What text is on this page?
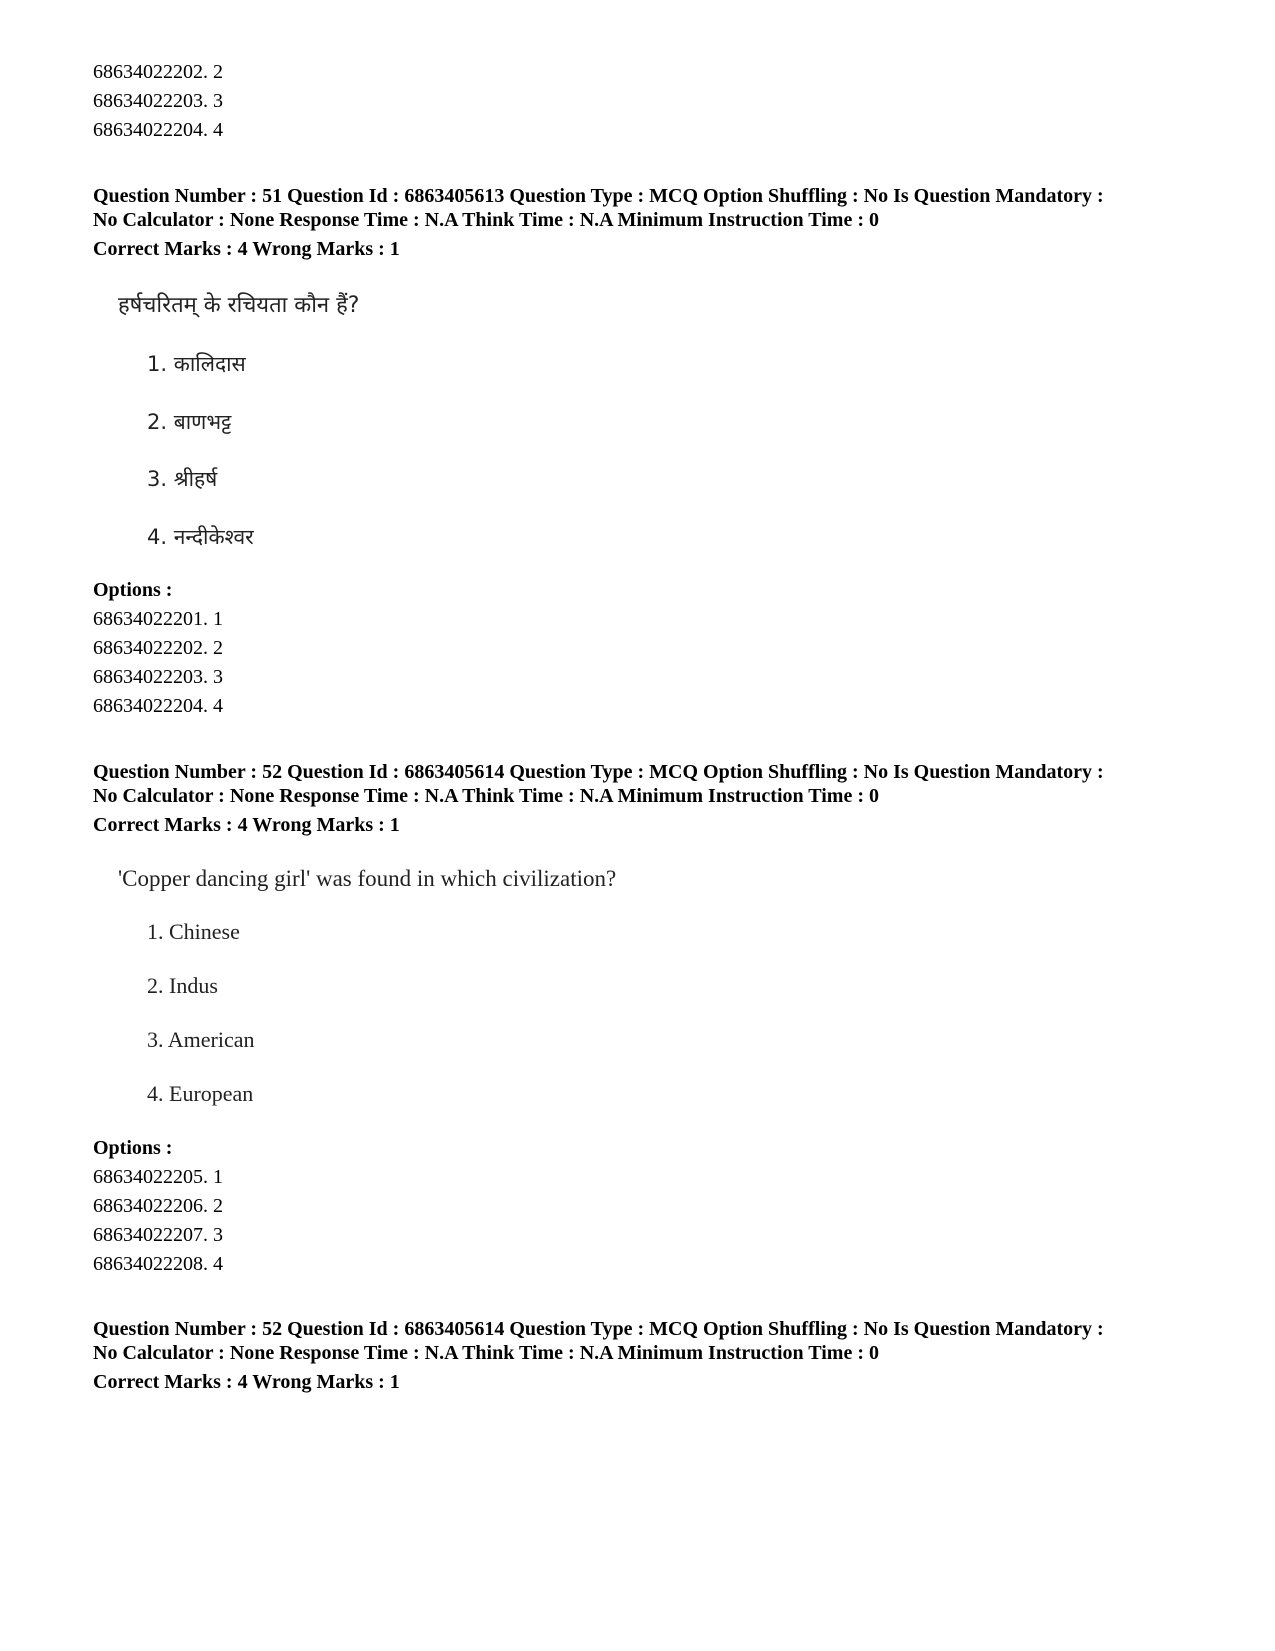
68634022202. 2
68634022203. 3
68634022204. 4
Question Number : 51 Question Id : 6863405613 Question Type : MCQ Option Shuffling : No Is Question Mandatory :
No Calculator : None Response Time : N.A Think Time : N.A Minimum Instruction Time : 0
Correct Marks : 4 Wrong Marks : 1
हर्षचरितम् के रचियता कौन हैं?
1. कालिदास
2. बाणभट्ट
3. श्रीहर्ष
4. नन्दीकेश्वर
Options :
68634022201. 1
68634022202. 2
68634022203. 3
68634022204. 4
Question Number : 52 Question Id : 6863405614 Question Type : MCQ Option Shuffling : No Is Question Mandatory :
No Calculator : None Response Time : N.A Think Time : N.A Minimum Instruction Time : 0
Correct Marks : 4 Wrong Marks : 1
'Copper dancing girl' was found in which civilization?
1. Chinese
2. Indus
3. American
4. European
Options :
68634022205. 1
68634022206. 2
68634022207. 3
68634022208. 4
Question Number : 52 Question Id : 6863405614 Question Type : MCQ Option Shuffling : No Is Question Mandatory :
No Calculator : None Response Time : N.A Think Time : N.A Minimum Instruction Time : 0
Correct Marks : 4 Wrong Marks : 1
